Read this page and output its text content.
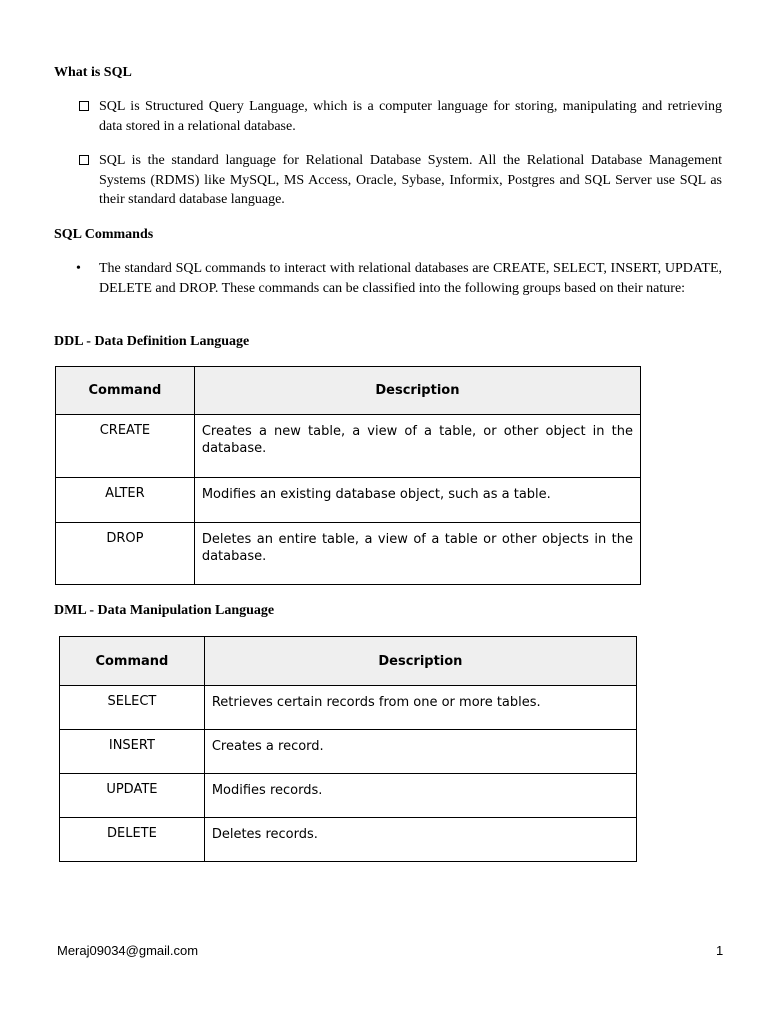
What is SQL

SQL is Structured Query Language, which is a computer language for storing, manipulating and retrieving data stored in a relational database.

SQL is the standard language for Relational Database System. All the Relational Database Management Systems (RDMS) like MySQL, MS Access, Oracle, Sybase, Informix, Postgres and SQL Server use SQL as their standard database language.

SQL Commands

• The standard SQL commands to interact with relational databases are CREATE, SELECT, INSERT, UPDATE, DELETE and DROP. These commands can be classified into the following groups based on their nature:

DDL - Data Definition Language

Command	Description
CREATE	Creates a new table, a view of a table, or other object in the database.
ALTER	Modifies an existing database object, such as a table.
DROP	Deletes an entire table, a view of a table or other objects in the database.

DML - Data Manipulation Language

Command	Description
SELECT	Retrieves certain records from one or more tables.
INSERT	Creates a record.
UPDATE	Modifies records.
DELETE	Deletes records.
Meraj09034@gmail.com	1
